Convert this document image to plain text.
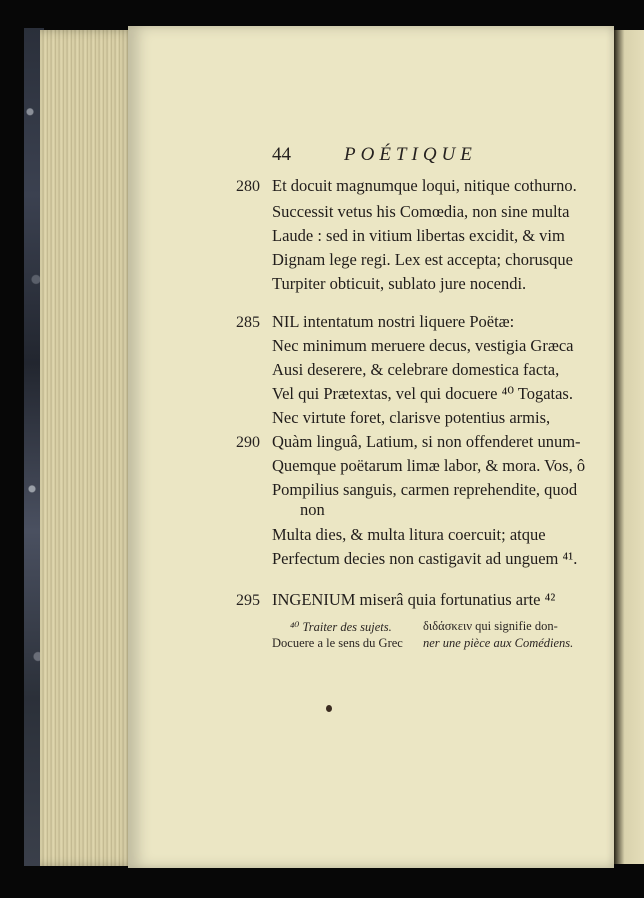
44	POÉTIQUE
280 Et docuit magnumque loqui, nitique cothurno.
Successit vetus his Comœdia, non sine multa
Laude : sed in vitium libertas excidit, & vim
Dignam lege regi. Lex est accepta; chorusque
Turpiter obticuit, sublato jure nocendi.
285 NIL intentatum nostri liquere Poëtæ:
Nec minimum meruere decus, vestigia Græca
Ausi deserere, & celebrare domestica facta,
Vel qui Prætextas, vel qui docuere ⁴⁰ Togatas.
Nec virtute foret, clarisve potentius armis,
290 Quàm linguâ, Latium, si non offenderet unum-
Quemque poëtarum limæ labor, & mora. Vos, ô
Pompilius sanguis, carmen reprehendite, quod
non
Multa dies, & multa litura coercuit; atque
Perfectum decies non castigavit ad unguem ⁴¹.
295 INGENIUM miserâ quia fortunatius arte ⁴²
⁴⁰ Traiter des sujets.
Docuere a le sens du Grec
διδάσκειν qui signifie don-
ner une pièce aux Comédiens.
